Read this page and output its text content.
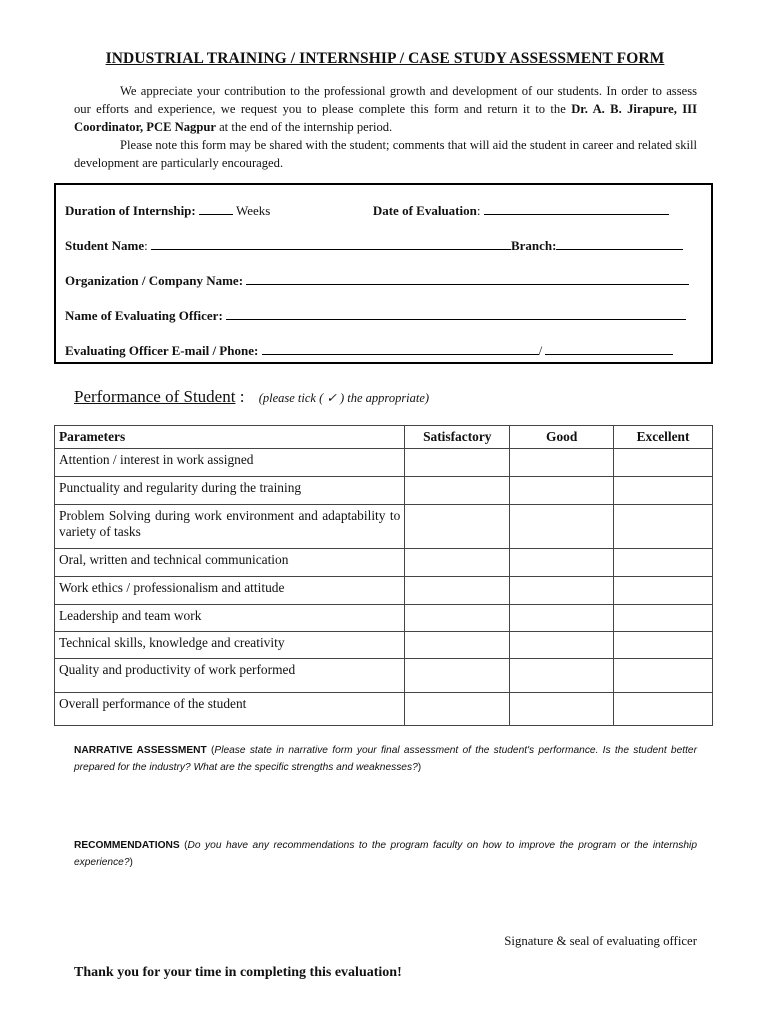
INDUSTRIAL TRAINING / INTERNSHIP / CASE STUDY ASSESSMENT FORM

We appreciate your contribution to the professional growth and development of our students. In order to assess our efforts and experience, we request you to please complete this form and return it to the Dr. A. B. Jirapure, III Coordinator, PCE Nagpur at the end of the internship period.

Please note this form may be shared with the student; comments that will aid the student in career and related skill development are particularly encouraged.

Duration of Internship:	Weeks	Date of Evaluation:
Student Name:	Branch:
Organization / Company Name:
Name of Evaluating Officer:
Evaluating Officer E-mail / Phone:	/
Performance of Student : (please tick ( ✓ ) the appropriate)
Parameters	Satisfactory	Good	Excellent
Attention / interest in work assigned			
Punctuality and regularity during the training			
Problem Solving during work environment and adaptability to variety of tasks			
Oral, written and technical communication			
Work ethics / professionalism and attitude			
Leadership and team work			
Technical skills, knowledge and creativity			
Quality and productivity of work performed			
Overall performance of the student			
NARRATIVE ASSESSMENT (Please state in narrative form your final assessment of the student's performance. Is the student better prepared for the industry? What are the specific strengths and weaknesses?)
RECOMMENDATIONS (Do you have any recommendations to the program faculty on how to improve the program or the internship experience?)
Signature & seal of evaluating officer
Thank you for your time in completing this evaluation!
